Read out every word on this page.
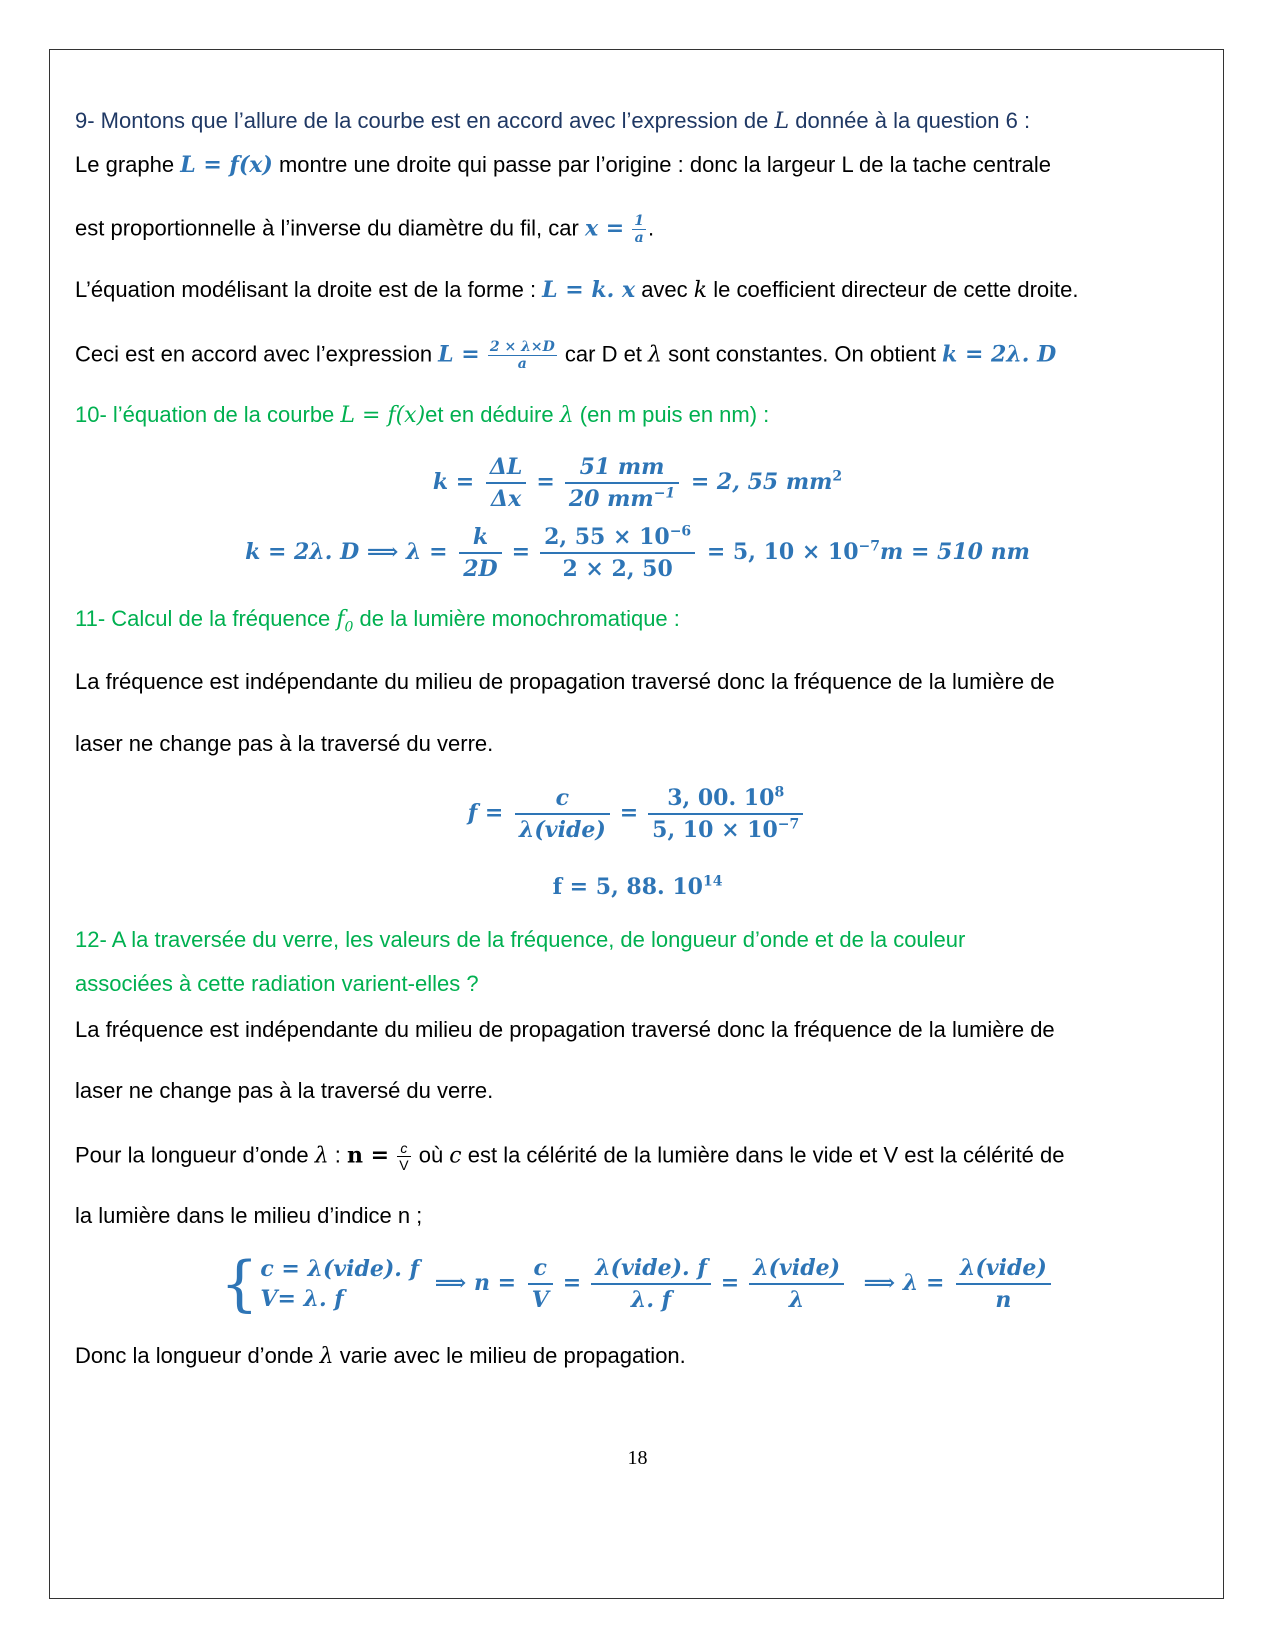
9- Montons que l’allure de la courbe est en accord avec l’expression de L donnée à la question 6 :
Le graphe L = f(x) montre une droite qui passe par l’origine : donc la largeur L de la tache centrale
est proportionnelle à l’inverse du diamètre du fil, car $x = \frac{1}{a}$ .
L’équation modélisant la droite est de la forme : L = k. x avec k le coefficient directeur de cette droite.
Ceci est en accord avec l’expression $L = \frac{2 \times \lambda\times D}{a}$ car D et λ sont constantes. On obtient k = 2λ. D
10- l’équation de la courbe L = f(x)et en déduire λ (en m puis en nm) :
$k = \frac{\Delta L}{\Delta x} = \frac{51 mm}{20 mm^{-1}} = 2$, 55 $mm^2$
k = 2λ. D ⟹ $\lambda = \frac{k}{2D} = \frac{2, 55 \times 10^{-6}}{2 \times 2, 50} = 5$, $10 \times 10^{-7}m = 510$ nm
11- Calcul de la fréquence $f_0$ de la lumière monochromatique :
La fréquence est indépendante du milieu de propagation traversé donc la fréquence de la lumière de
laser ne change pas à la traversé du verre.
$f = \frac{c}{\text{λ(vide)}} = \frac{3, 00. 10^8}{5, 10 \times 10^{-7}}$
f = 5, 88. $10^{14}$
12- A la traversée du verre, les valeurs de la fréquence, de longueur d’onde et de la couleur
associées à cette radiation varient-elles ?
La fréquence est indépendante du milieu de propagation traversé donc la fréquence de la lumière de
laser ne change pas à la traversé du verre.
Pour la longueur d’onde λ : $n = \frac{c}{V}$ où c est la célérité de la lumière dans le vide et V est la célérité de
la lumière dans le milieu d’indice n ;
{ c = λ(vide). f
V= λ. f
⟹ $n = \frac{c}{V} = \frac{\text{λ(vide). f}}{\lambda. f} = \frac{\text{λ(vide)}}{\lambda}$ ⟹ $\lambda = \frac{\text{λ(vide)}}{n}$
Donc la longueur d’onde λ varie avec le milieu de propagation.
18
